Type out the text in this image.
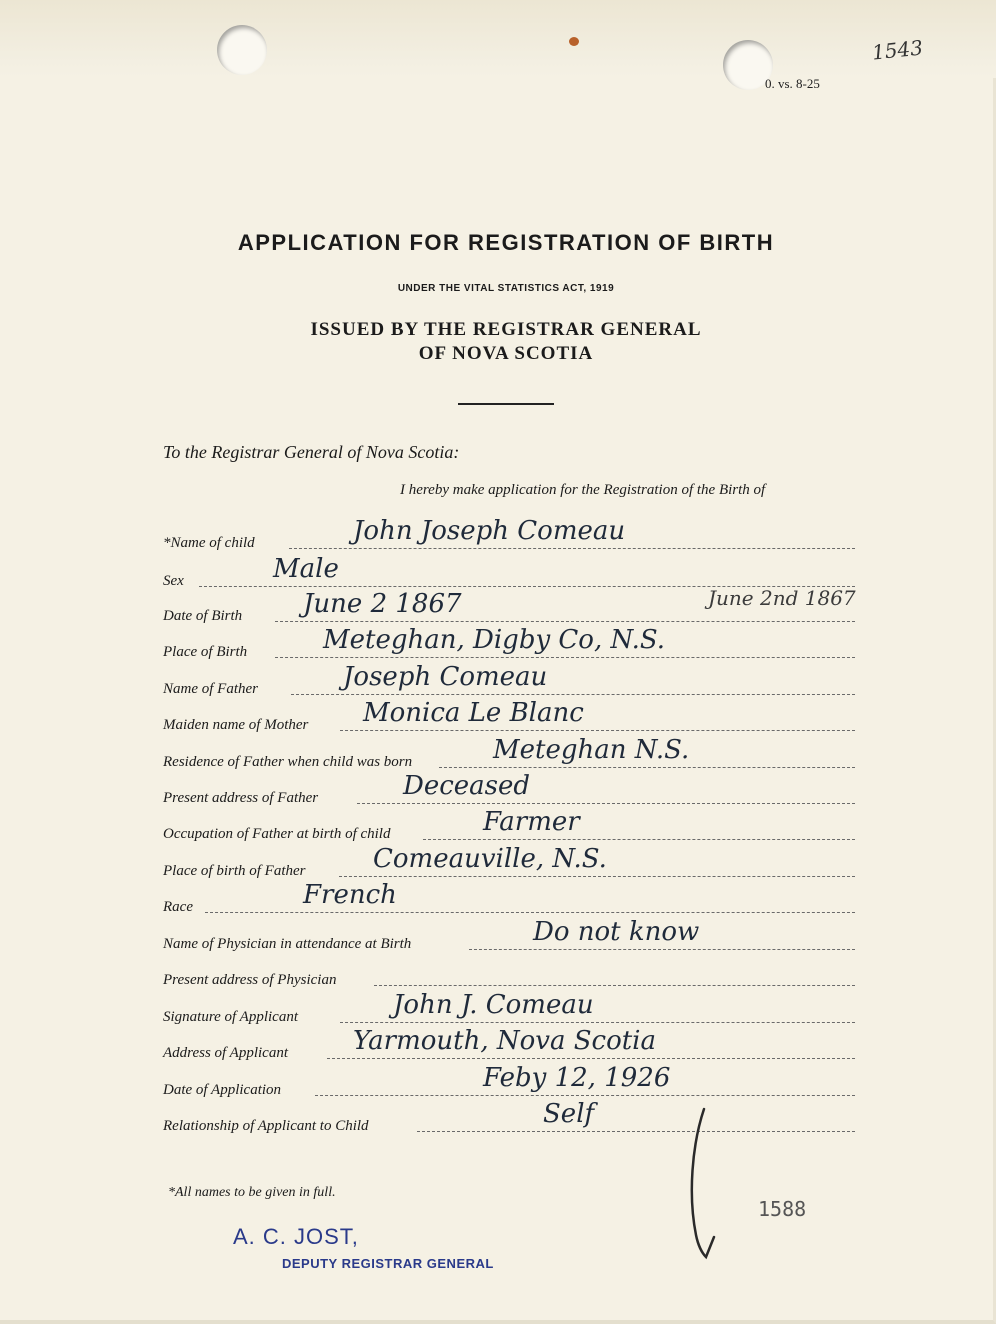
0. vs. 8-25
1543
APPLICATION FOR REGISTRATION OF BIRTH
UNDER THE VITAL STATISTICS ACT, 1919
ISSUED BY THE REGISTRAR GENERAL
OF NOVA SCOTIA
To the Registrar General of Nova Scotia:
I hereby make application for the Registration of the Birth of
*Name of child	John Joseph Comeau
Sex	Male
Date of Birth June 2 1867	June 2nd 1867
Place of Birth	Meteghan, Digby Co, N.S.
Name of Father	Joseph Comeau
Maiden name of Mother Monica Le Blanc
Residence of Father when child was born	Meteghan N.S.
Present address of Father	Deceased
Occupation of Father at birth of child	Farmer
Place of birth of Father	Comeauville, N.S.
Race	French
Name of Physician in attendance at Birth	Do not know
Present address of Physician
Signature of Applicant	John J. Comeau
Address of Applicant	Yarmouth, Nova Scotia
Date of Application	Feby 12, 1926
Relationship of Applicant to Child	Self
*All names to be given in full.
A. C. JOST,
DEPUTY REGISTRAR GENERAL
1588
